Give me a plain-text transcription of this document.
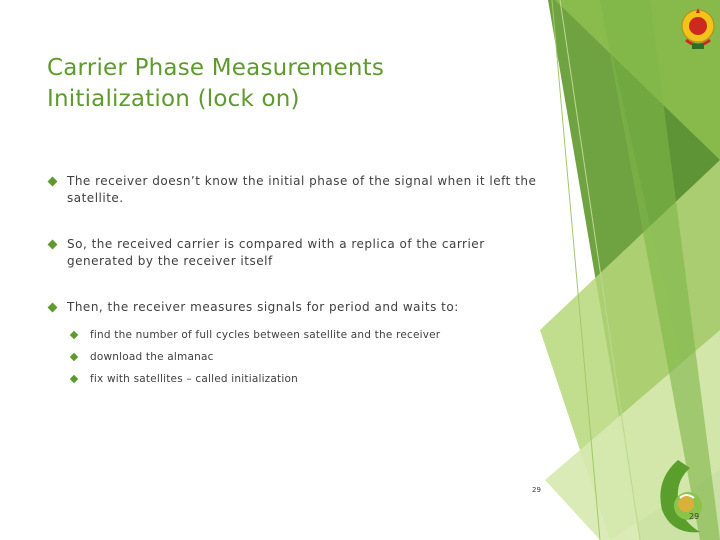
Carrier Phase Measurements
Initialization (lock on)
The receiver doesn’t know the initial phase of the signal when it left the satellite.
So, the received carrier is compared with a replica of the carrier generated by the receiver itself
Then, the receiver measures signals for period and waits to:
find the number of full cycles between satellite and the receiver
download the almanac
fix with satellites – called initialization
29
29
